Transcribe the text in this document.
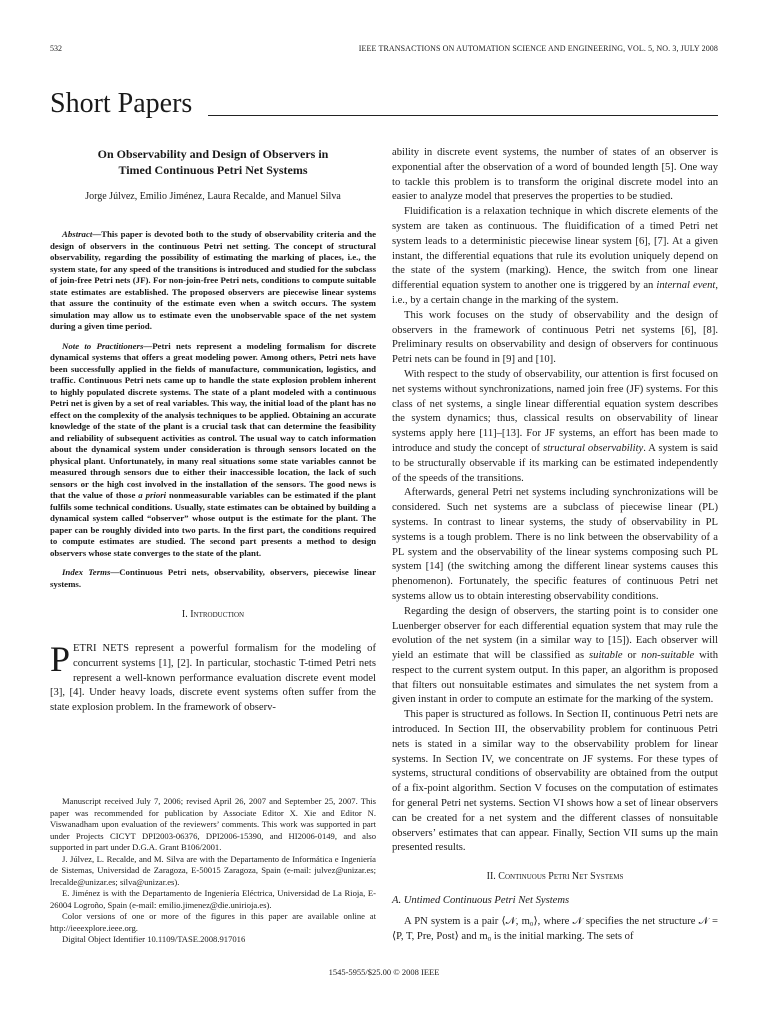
532	IEEE TRANSACTIONS ON AUTOMATION SCIENCE AND ENGINEERING, VOL. 5, NO. 3, JULY 2008
Short Papers
On Observability and Design of Observers in
Timed Continuous Petri Net Systems
Jorge Júlvez, Emilio Jiménez, Laura Recalde, and Manuel Silva

Abstract—This paper is devoted both to the study of observability criteria and the design of observers in the continuous Petri net setting. The concept of structural observability, regarding the possibility of estimating the marking of places, i.e., the system state, for any speed of the transitions is introduced and studied for the subclass of join-free Petri nets (JF). For non-join-free Petri nets, conditions to compute suitable state estimates are established. The proposed observers are piecewise linear systems that assure the continuity of the estimate even when a switch occurs. The system simulation may allow us to estimate even the unobservable space of the net system during a given time period.

Note to Practitioners—Petri nets represent a modeling formalism for discrete dynamical systems that offers a great modeling power. Among others, Petri nets have been successfully applied in the fields of manufacture, communication, logistics, and traffic. Continuous Petri nets came up to handle the state explosion problem inherent to highly populated discrete systems. The state of a plant modeled with a continuous Petri net is given by a set of real variables. This way, the initial load of the plant has no effect on the complexity of the analysis techniques to be applied. Obtaining an accurate knowledge of the state of the plant is a crucial task that can determine the feasibility and reliability of subsequent activities as control. The usual way to catch information about the dynamical system under consideration is through sensors located on the physical plant. Unfortunately, in many real situations some state variables cannot be measured through sensors due to either their inaccessible location, the lack of such sensors or the high cost involved in the installation of the sensors. The good news is that the value of those a priori nonmeasurable variables can be estimated if the plant fulfils some technical conditions. Usually, state estimates can be obtained by building a dynamical system called “observer” whose output is the estimate for the plant. The paper can be roughly divided into two parts. In the first part, the conditions required to compute estimates are studied. The second part presents a method to design observers whose state converges to the state of the plant.

Index Terms—Continuous Petri nets, observability, observers, piecewise linear systems.

I. Introduction

PETRI NETS represent a powerful formalism for the modeling of concurrent systems [1], [2]. In particular, stochastic T-timed Petri nets represent a well-known performance evaluation discrete event model [3], [4]. Under heavy loads, discrete event systems often suffer from the state explosion problem. In the framework of observ-

Manuscript received July 7, 2006; revised April 26, 2007 and September 25, 2007. This paper was recommended for publication by Associate Editor X. Xie and Editor N. Viswanadham upon evaluation of the reviewers’ comments. This work was supported in part under Projects CICYT DPI2003-06376, DPI2006-15390, and HI2006-0149, and also supported in part under D.G.A. Grant B106/2001.

J. Júlvez, L. Recalde, and M. Silva are with the Departamento de Informática e Ingeniería de Sistemas, Universidad de Zaragoza, E-50015 Zaragoza, Spain (e-mail: julvez@unizar.es; lrecalde@unizar.es; silva@unizar.es).

E. Jiménez is with the Departamento de Ingeniería Eléctrica, Universidad de La Rioja, E-26004 Logroño, Spain (e-mail: emilio.jimenez@die.unirioja.es).

Color versions of one or more of the figures in this paper are available online at http://ieeexplore.ieee.org.

Digital Object Identifier 10.1109/TASE.2008.917016

ability in discrete event systems, the number of states of an observer is exponential after the observation of a word of bounded length [5]. One way to tackle this problem is to transform the original discrete model into an easier to analyze model that preserves the properties to be studied.

Fluidification is a relaxation technique in which discrete elements of the system are taken as continuous. The fluidification of a timed Petri net system leads to a deterministic piecewise linear system [6], [7]. At a given instant, the differential equations that rule its evolution uniquely depend on the state of the system (marking). Hence, the switch from one linear differential equation system to another one is triggered by an internal event, i.e., by a certain change in the marking of the system.

This work focuses on the study of observability and the design of observers in the framework of continuous Petri net systems [6], [8]. Preliminary results on observability and design of observers for continuous Petri nets can be found in [9] and [10].

With respect to the study of observability, our attention is first focused on net systems without synchronizations, named join free (JF) systems. For this class of net systems, a single linear differential equation system describes the system dynamics; thus, classical results on observability of linear systems apply here [11]–[13]. For JF systems, an effort has been made to introduce and study the concept of structural observability. A system is said to be structurally observable if its marking can be estimated independently of the speeds of the transitions.

Afterwards, general Petri net systems including synchronizations will be considered. Such net systems are a subclass of piecewise linear (PL) systems. In contrast to linear systems, the study of observability in PL systems is a tough problem. There is no link between the observability of a PL system and the observability of the linear systems composing such PL system [14] (the switching among the different linear systems causes this phenomenon). Fortunately, the specific features of continuous Petri net systems allow us to obtain interesting observability conditions.

Regarding the design of observers, the starting point is to consider one Luenberger observer for each differential equation system that may rule the evolution of the net system (in a similar way to [15]). Each observer will yield an estimate that will be classified as suitable or non-suitable with respect to the current system output. In this paper, an algorithm is proposed that filters out nonsuitable estimates and simulates the net system from a given instant in order to compute an estimate for the marking of the system.

This paper is structured as follows. In Section II, continuous Petri nets are introduced. In Section III, the observability problem for continuous Petri nets is stated in a similar way to the observability problem for linear systems. In Section IV, we concentrate on JF systems. For these types of systems, structural conditions of observability are obtained from the output of a fix-point algorithm. Section V focuses on the computation of estimates for general Petri net systems. Section VI shows how a set of linear observers can be created for a net system and the different classes of nonsuitable observers’ estimates that can appear. Finally, Section VII sums up the main presented results.

II. Continuous Petri Net Systems
A. Untimed Continuous Petri Net Systems

A PN system is a pair ⟨𝒩, m₀⟩, where 𝒩 specifies the net structure 𝒩 = ⟨P, T, Pre, Post⟩ and m₀ is the initial marking. The sets of

1545-5955/$25.00 © 2008 IEEE
